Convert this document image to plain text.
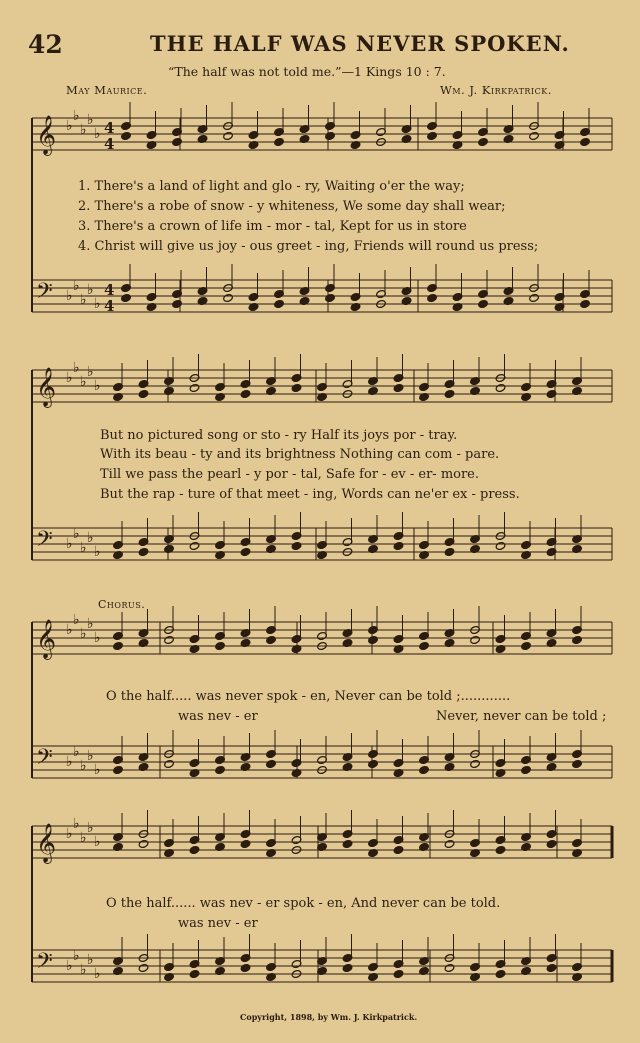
42	THE HALF WAS NEVER SPOKEN.
“The half was not told me.”—1 Kings 10 : 7.
May Maurice.	Wm. J. Kirkpatrick.
𝄞 ♭
♭
♭
♭
♭ 4
4
𝄢 ♭
♭
♭
♭
♭
4
4
𝄞 ♭
♭
♭
♭
♭
𝄢 ♭
♭
♭
♭
♭
𝄞 ♭
♭
♭
♭
♭
𝄢 ♭
♭
♭
♭
♭
𝄞 ♭
♭
♭
♭
♭
𝄢 ♭
♭
♭
♭
♭
1. There's a land of light and glo - ry, Waiting o'er the way;
2. There's a robe of snow - y whiteness, We some day shall wear;
3. There's a crown of life im - mor - tal, Kept for us in store
4. Christ will give us joy - ous greet - ing, Friends will round us press;
But no pictured song or sto - ry Half its joys por - tray.
With its beau - ty and its brightness Nothing can com - pare.
Till we pass the pearl - y por - tal, Safe for - ev - er- more.
But the rap - ture of that meet - ing, Words can ne'er ex - press.
Chorus.
O the half..... was never spok - en, Never can be told ;............
was nev - er	Never, never can be told ;
O the half...... was nev - er spok - en, And never can be told.
was nev - er
Copyright, 1898, by Wm. J. Kirkpatrick.
